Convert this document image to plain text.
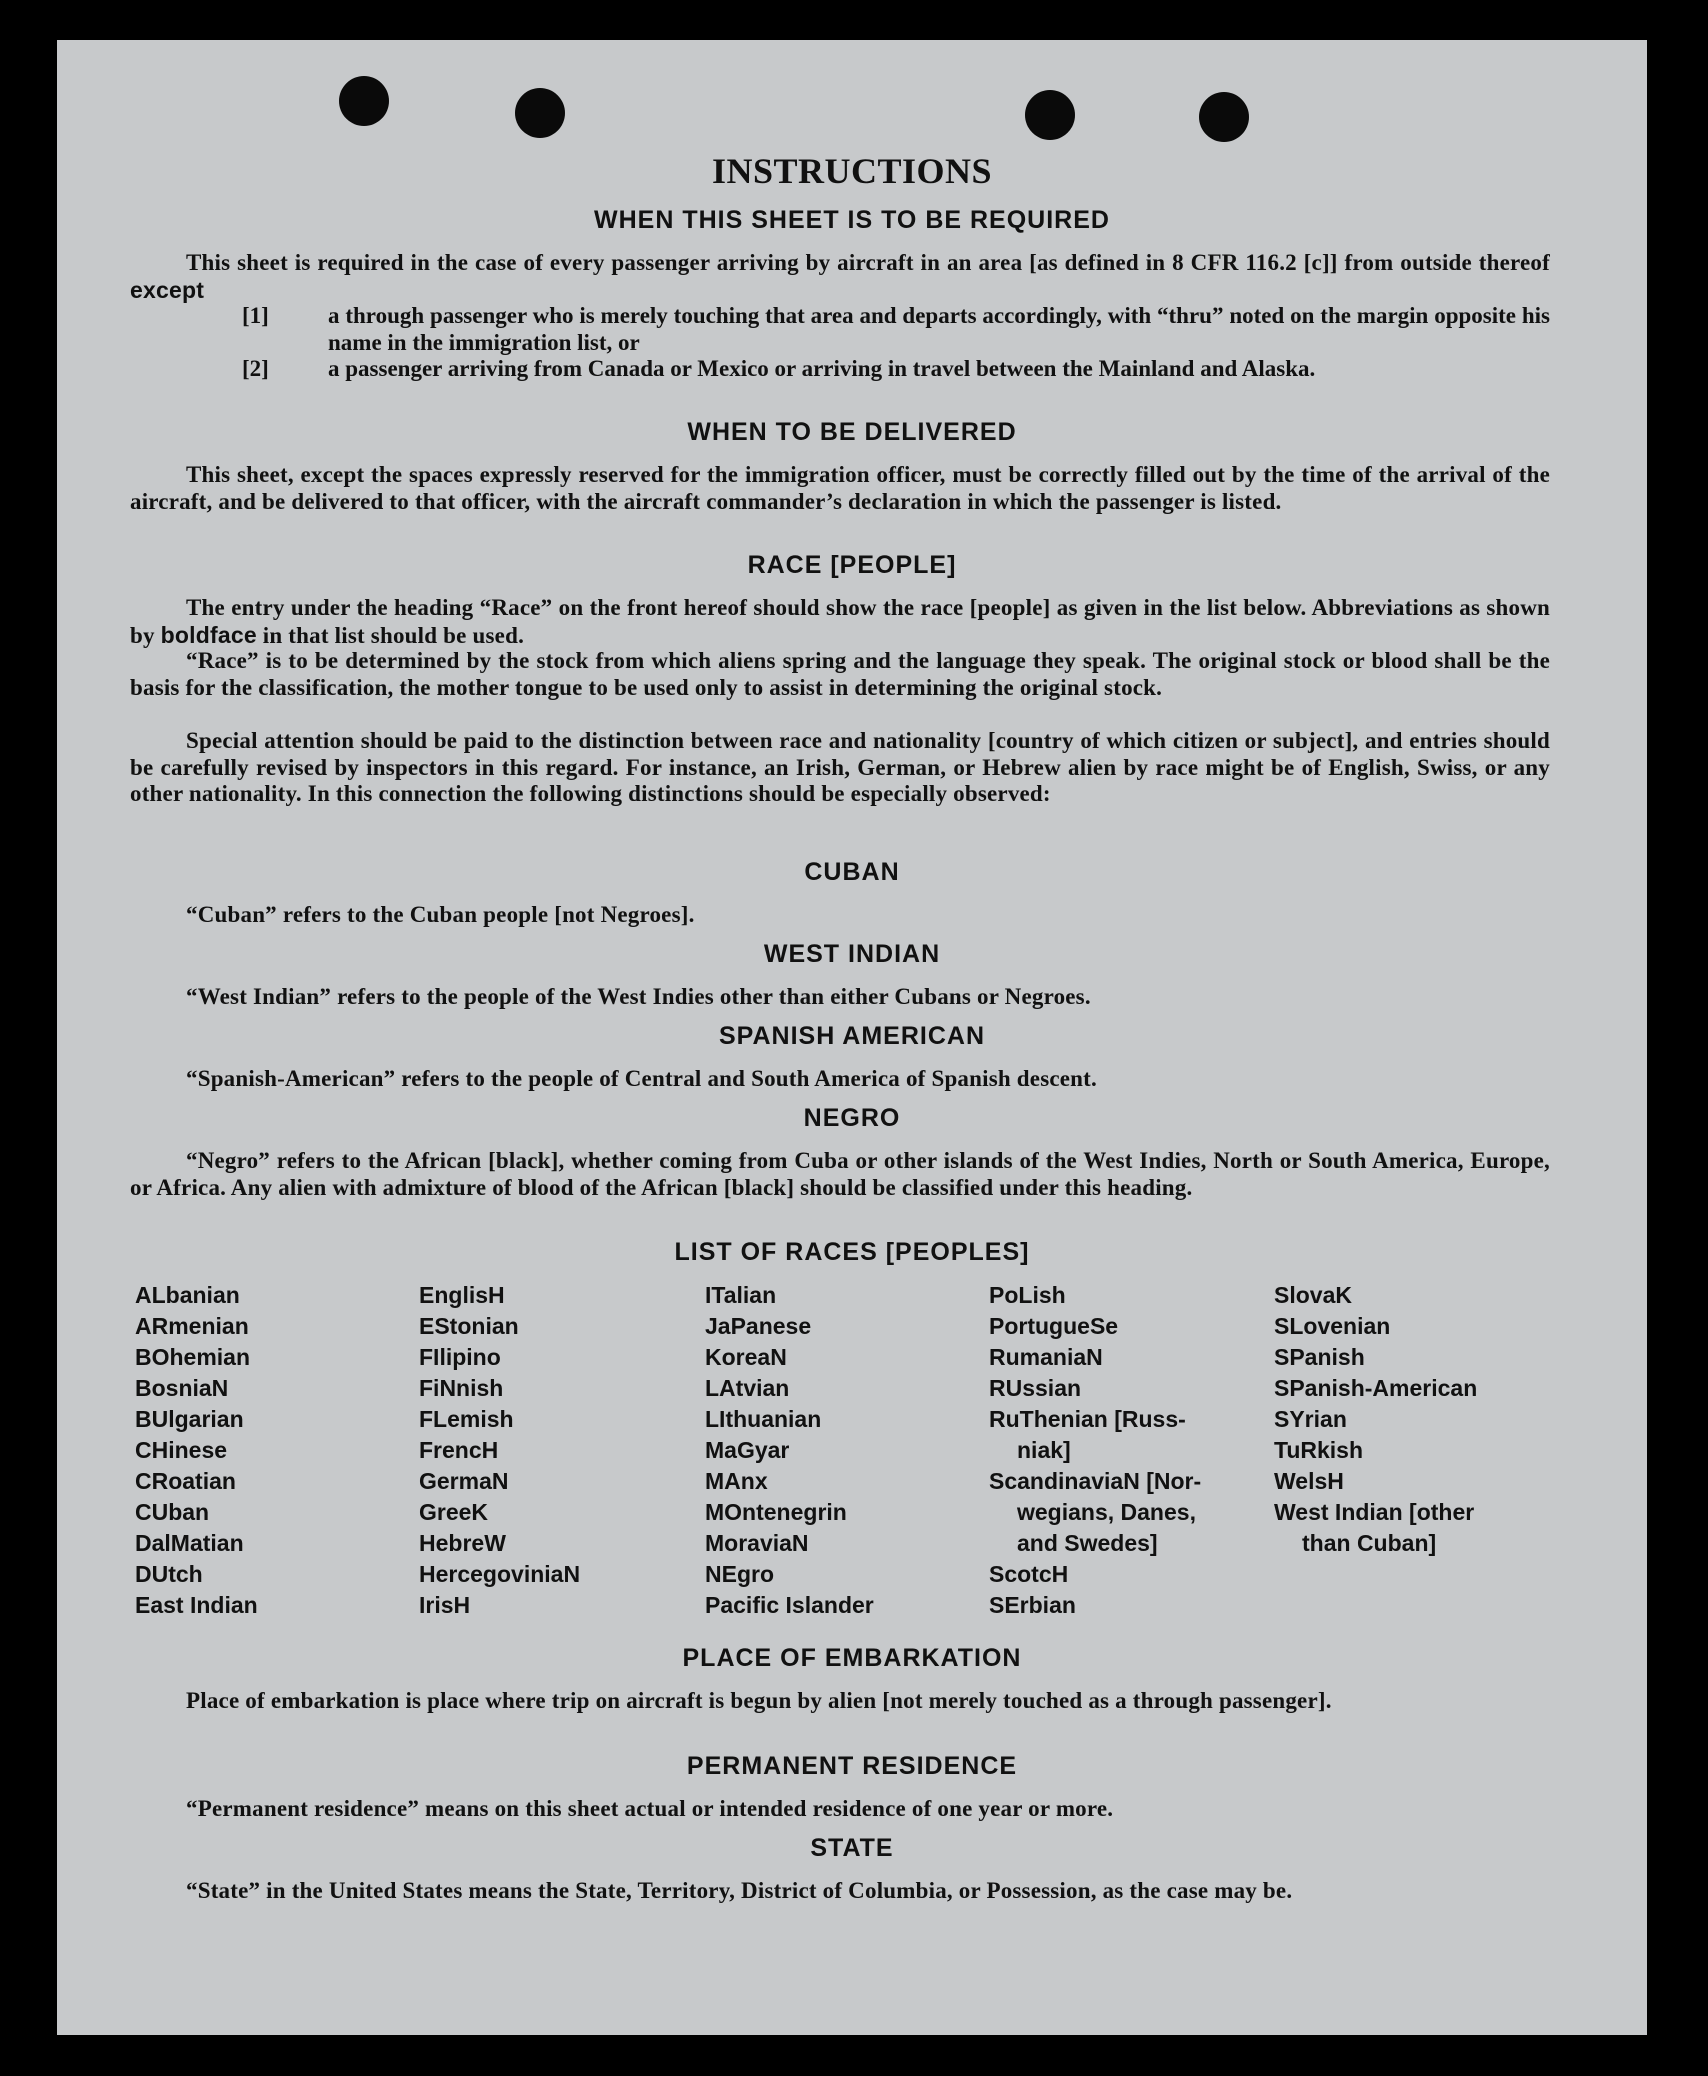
INSTRUCTIONS
WHEN THIS SHEET IS TO BE REQUIRED
This sheet is required in the case of every passenger arriving by aircraft in an area [as defined in 8 CFR 116.2 [c]] from outside thereof except
[1]	a through passenger who is merely touching that area and departs accordingly, with “thru” noted on the margin opposite his name in the immigration list, or
[2]	a passenger arriving from Canada or Mexico or arriving in travel between the Mainland and Alaska.
WHEN TO BE DELIVERED
This sheet, except the spaces expressly reserved for the immigration officer, must be correctly filled out by the time of the arrival of the aircraft, and be delivered to that officer, with the aircraft commander’s declaration in which the passenger is listed.
RACE [PEOPLE]
The entry under the heading “Race” on the front hereof should show the race [people] as given in the list below. Abbreviations as shown by boldface in that list should be used.
“Race” is to be determined by the stock from which aliens spring and the language they speak. The original stock or blood shall be the basis for the classification, the mother tongue to be used only to assist in determining the original stock.
Special attention should be paid to the distinction between race and nationality [country of which citizen or subject], and entries should be carefully revised by inspectors in this regard. For instance, an Irish, German, or Hebrew alien by race might be of English, Swiss, or any other nationality. In this connection the following distinctions should be especially observed:
CUBAN
“Cuban” refers to the Cuban people [not Negroes].
WEST INDIAN
“West Indian” refers to the people of the West Indies other than either Cubans or Negroes.
SPANISH AMERICAN
“Spanish-American” refers to the people of Central and South America of Spanish descent.
NEGRO
“Negro” refers to the African [black], whether coming from Cuba or other islands of the West Indies, North or South America, Europe, or Africa. Any alien with admixture of blood of the African [black] should be classified under this heading.
LIST OF RACES [PEOPLES]
ALbanian
ARmenian
BOhemian
BosniaN
BUlgarian
CHinese
CRoatian
CUban
DalMatian
DUtch
East Indian
EnglisH
EStonian
FIlipino
FiNnish
FLemish
FrencH
GermaN
GreeK
HebreW
HercegoviniaN
IrisH
ITalian
JaPanese
KoreaN
LAtvian
LIthuanian
MaGyar
MAnx
MOntenegrin
MoraviaN
NEgro
Pacific Islander
PoLish
PortugueSe
RumaniaN
RUssian
RuThenian [Russ-
niak]
ScandinaviaN [Nor-
wegians, Danes,
and Swedes]
ScotcH
SErbian
SlovaK
SLovenian
SPanish
SPanish-American
SYrian
TuRkish
WelsH
West Indian [other
than Cuban]
PLACE OF EMBARKATION
Place of embarkation is place where trip on aircraft is begun by alien [not merely touched as a through passenger].
PERMANENT RESIDENCE
“Permanent residence” means on this sheet actual or intended residence of one year or more.
STATE
“State” in the United States means the State, Territory, District of Columbia, or Possession, as the case may be.
